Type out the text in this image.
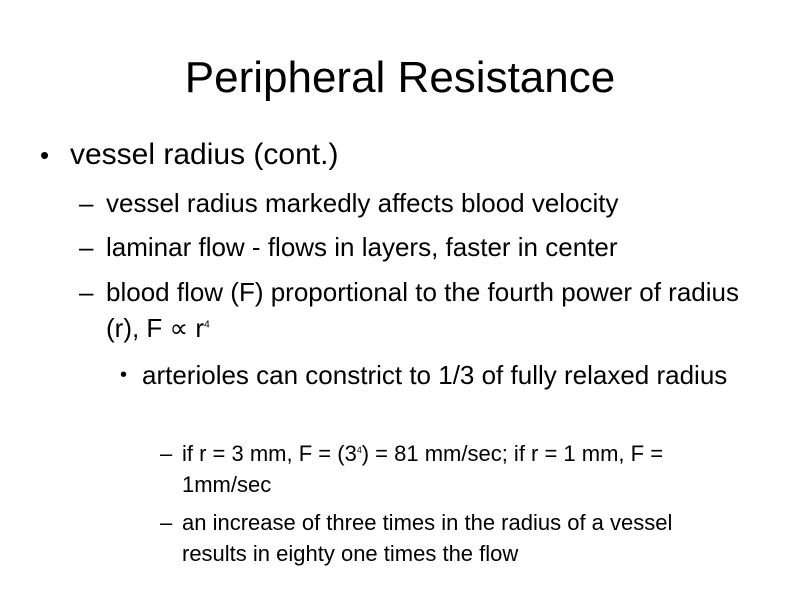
Peripheral Resistance
• vessel radius (cont.)
– vessel radius markedly affects blood velocity
– laminar flow - flows in layers, faster in center
– blood flow (F) proportional to the fourth power of radius (r), $F \propto r^4$
• arterioles can constrict to 1/3 of fully relaxed radius
– if r = 3 mm, $F = (3^4) = 81$ mm/sec; if r = 1 mm, F = 1mm/sec
– an increase of three times in the radius of a vessel results in eighty one times the flow
